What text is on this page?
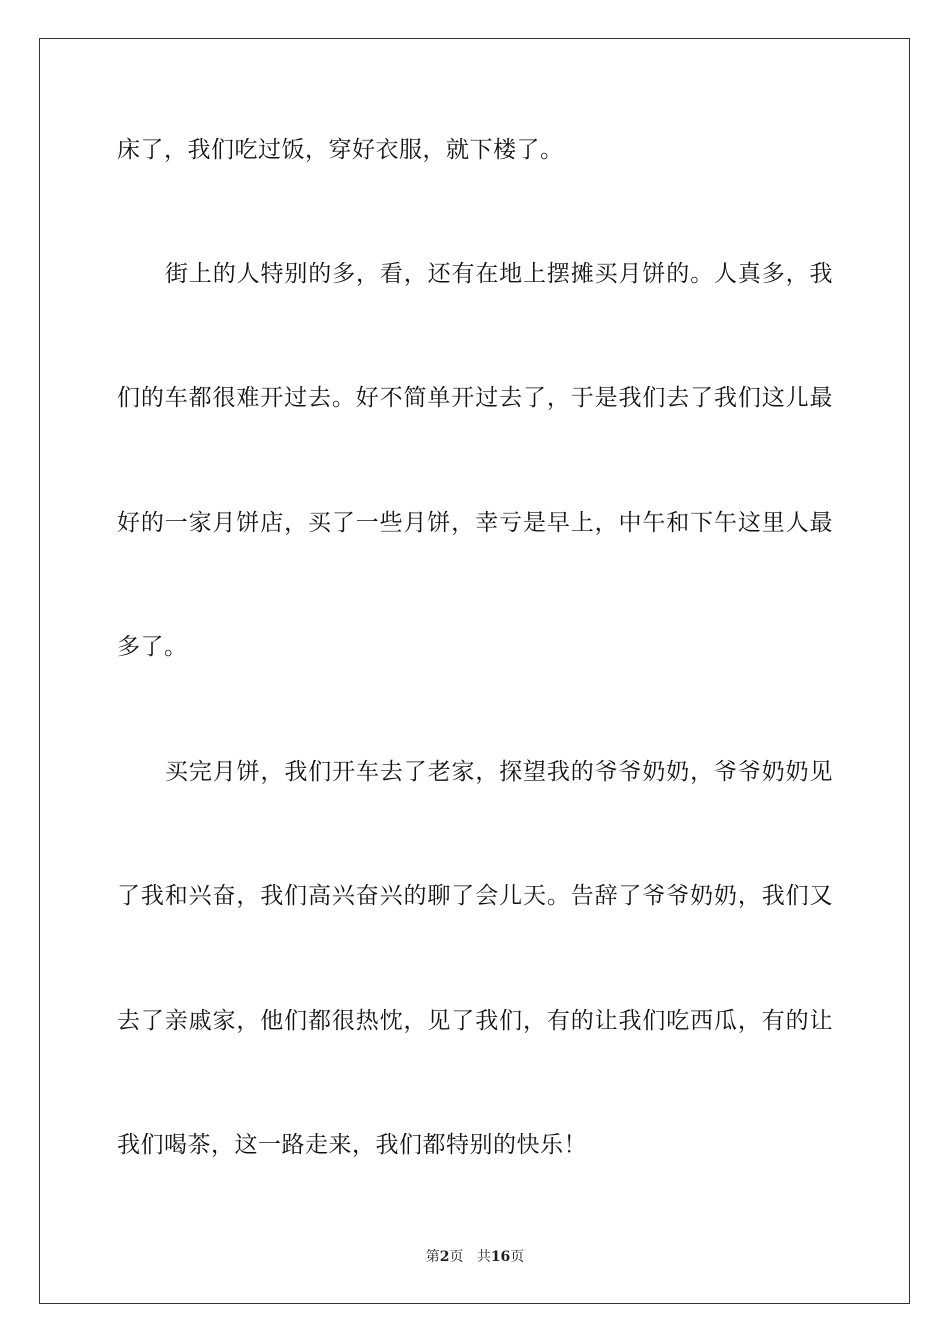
床了，我们吃过饭，穿好衣服，就下楼了。
街上的人特别的多，看，还有在地上摆摊买月饼的。人真多，我
们的车都很难开过去。好不简单开过去了，于是我们去了我们这儿最
好的一家月饼店，买了一些月饼，幸亏是早上，中午和下午这里人最
多了。
买完月饼，我们开车去了老家，探望我的爷爷奶奶，爷爷奶奶见
了我和兴奋，我们高兴奋兴的聊了会儿天。告辞了爷爷奶奶，我们又
去了亲戚家，他们都很热忱，见了我们，有的让我们吃西瓜，有的让
我们喝茶，这一路走来，我们都特别的快乐！
第2页 共16页
